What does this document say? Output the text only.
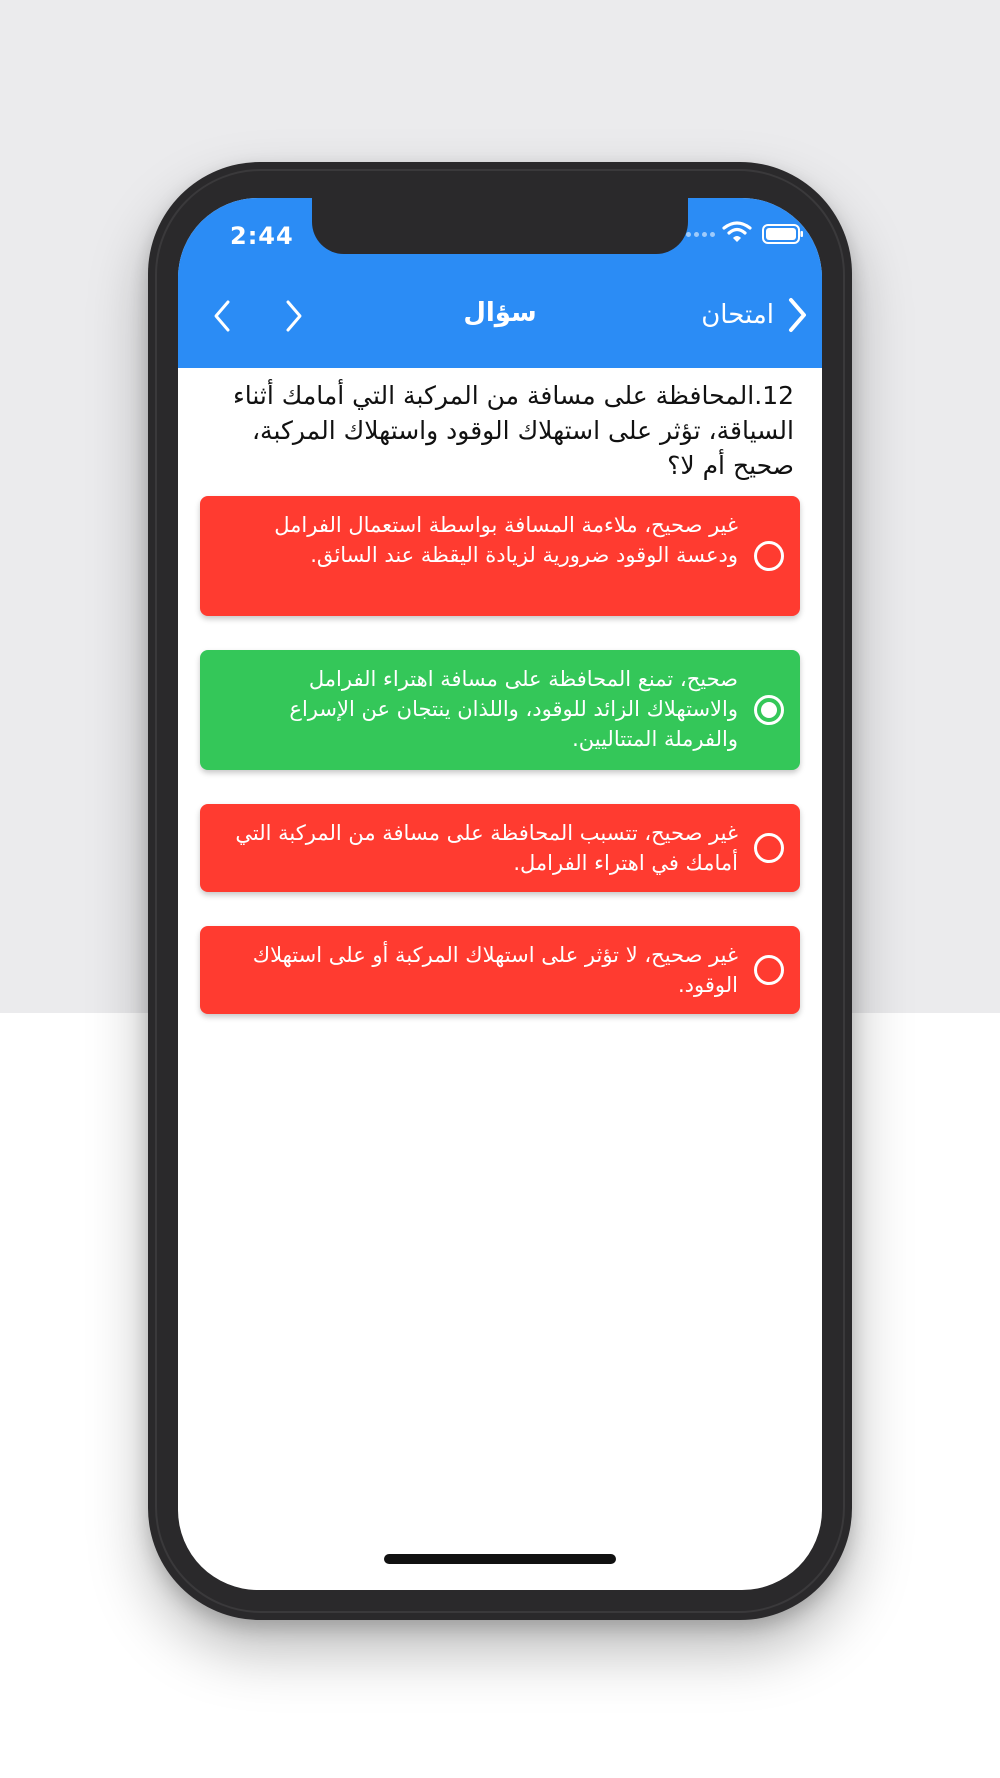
2:44
سؤال	امتحان
12.المحافظة على مسافة من المركبة التي أمامك أثناء السياقة، تؤثر على استهلاك الوقود واستهلاك المركبة، صحيح أم لا؟
غير صحيح، ملاءمة المسافة بواسطة استعمال الفرامل ودعسة الوقود ضرورية لزيادة اليقظة عند السائق.
صحيح، تمنع المحافظة على مسافة اهتراء الفرامل والاستهلاك الزائد للوقود، واللذان ينتجان عن الإسراع والفرملة المتتاليين.
غير صحيح، تتسبب المحافظة على مسافة من المركبة التي أمامك في اهتراء الفرامل.
غير صحيح، لا تؤثر على استهلاك المركبة أو على استهلاك الوقود.
